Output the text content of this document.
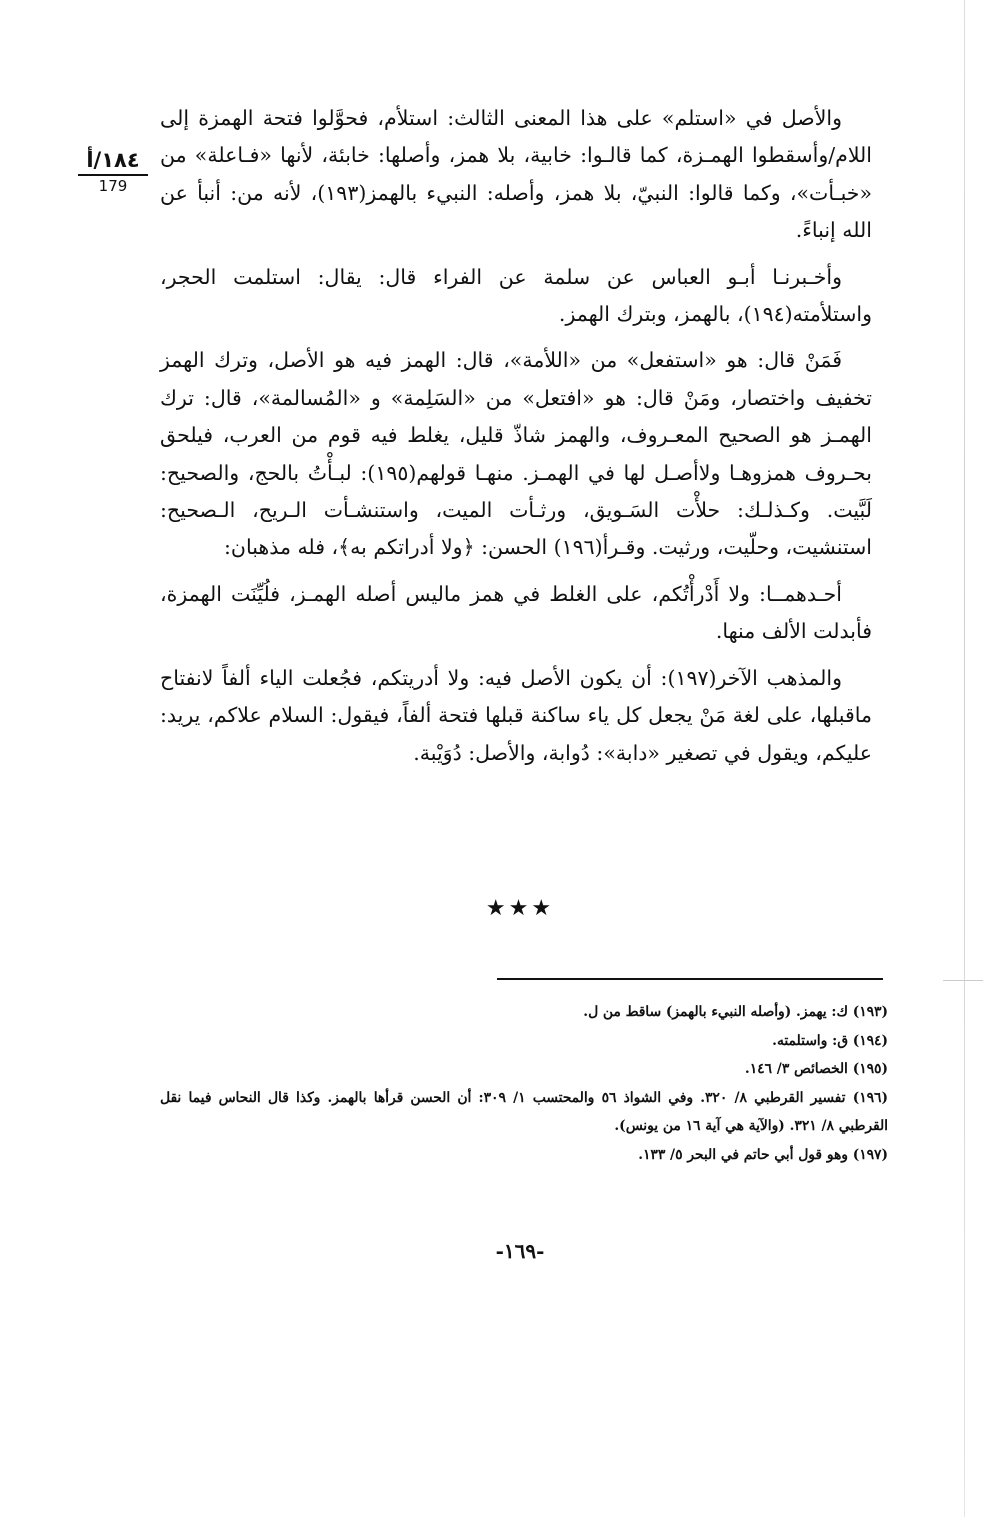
١٨٤/أ
179

والأصل في «استلم» على هذا المعنى الثالث: استلأم، فحوَّلوا فتحة الهمزة إلى اللام/وأسقطوا الهمـزة، كما قالـوا: خابية، بلا همز، وأصلها: خابئة، لأنها «فـاعلة» من «خبـأت»، وكما قالوا: النبيّ، بلا همز، وأصله: النبيء بالهمز(١٩٣)، لأنه من: أنبأ عن الله إنباءً.

وأخـبرنـا أبـو العباس عن سلمة عن الفراء قال: يقال: استلمت الحجر، واستلأمته(١٩٤)، بالهمز، وبترك الهمز.

فَمَنْ قال: هو «استفعل» من «اللأمة»، قال: الهمز فيه هو الأصل، وترك الهمز تخفيف واختصار، ومَنْ قال: هو «افتعل» من «السَلِمة» و «المُسالمة»، قال: ترك الهمـز هو الصحيح المعـروف، والهمز شاذّ قليل، يغلط فيه قوم من العرب، فيلحق بحـروف همزوهـا ولاأصـل لها في الهمـز. منهـا قولهم(١٩٥): لبـأْتُ بالحج، والصحيح: لَبَّيت. وكـذلـك: حلأْت السَـويق، ورثـأت الميت، واستنشـأت الـريح، الـصحيح: استنشيت، وحلّيت، ورثيت. وقـرأ(١٩٦) الحسن: ﴿ولا أدراتكم به﴾، فله مذهبان:

أحـدهمــا: ولا أَدْرأْتُكم، على الغلط في همز ماليس أصله الهمـز، فلُيِّنَت الهمزة، فأبدلت الألف منها.

والمذهب الآخر(١٩٧): أن يكون الأصل فيه: ولا أدريتكم، فجُعلت الياء ألفاً لانفتاح ماقبلها، على لغة مَنْ يجعل كل ياء ساكنة قبلها فتحة ألفاً، فيقول: السلام علاكم، يريد: عليكم، ويقول في تصغير «دابة»: دُوابة، والأصل: دُوَيْبة.

★★★

(١٩٣) ك: يهمز. (وأصله النبيء بالهمز) ساقط من ل.

(١٩٤) ق: واستلمته.

(١٩٥) الخصائص ٣/ ١٤٦.

(١٩٦) تفسير القرطبي ٨/ ٣٢٠. وفي الشواذ ٥٦ والمحتسب ١/ ٣٠٩: أن الحسن قرأها بالهمز. وكذا قال النحاس فيما نقل القرطبي ٨/ ٣٢١. (والآية هي آية ١٦ من يونس).

(١٩٧) وهو قول أبي حاتم في البحر ٥/ ١٣٣.

-١٦٩-
